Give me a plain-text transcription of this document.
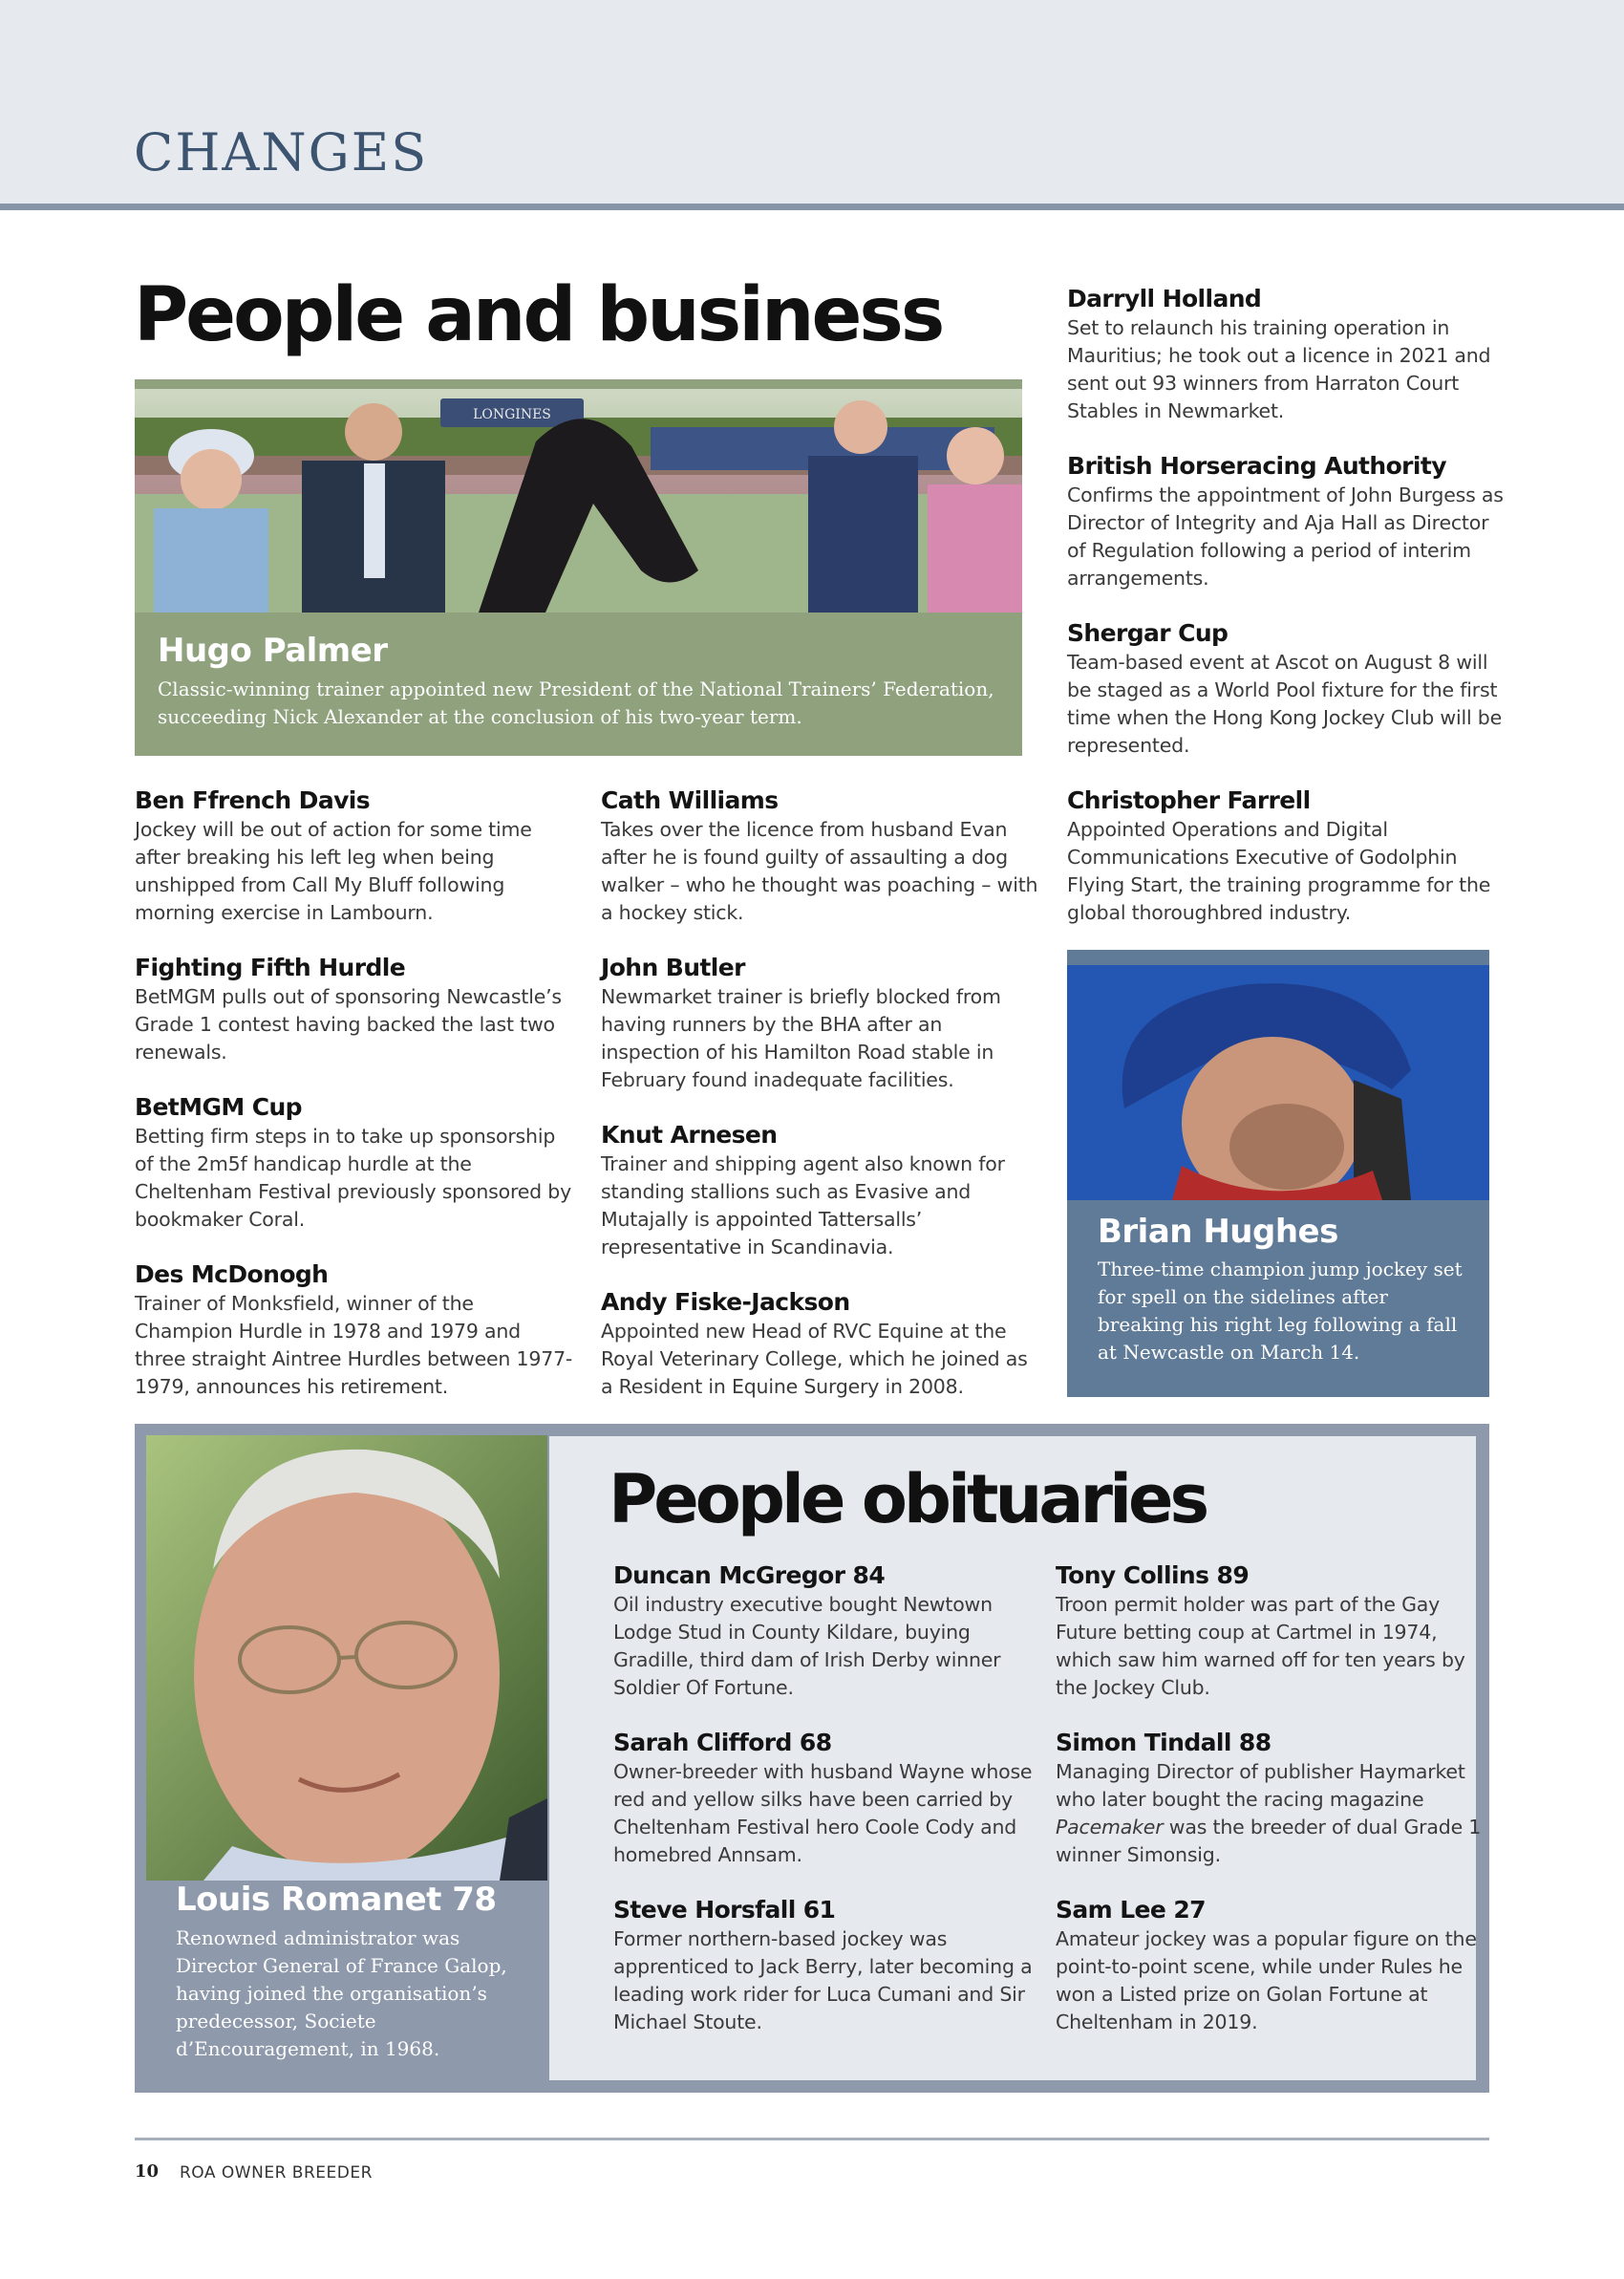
CHANGES
People and business
LONGINES
Hugo Palmer
Classic-winning trainer appointed new President of the National Trainers’ Federation, succeeding Nick Alexander at the conclusion of his two-year term.
Ben Ffrench Davis
Jockey will be out of action for some time after breaking his left leg when being unshipped from Call My Bluff following morning exercise in Lambourn.
Fighting Fifth Hurdle
BetMGM pulls out of sponsoring Newcastle’s Grade 1 contest having backed the last two renewals.
BetMGM Cup
Betting firm steps in to take up sponsorship of the 2m5f handicap hurdle at the Cheltenham Festival previously sponsored by bookmaker Coral.
Des McDonogh
Trainer of Monksfield, winner of the Champion Hurdle in 1978 and 1979 and three straight Aintree Hurdles between 1977-1979, announces his retirement.
Cath Williams
Takes over the licence from husband Evan after he is found guilty of assaulting a dog walker – who he thought was poaching – with a hockey stick.
John Butler
Newmarket trainer is briefly blocked from having runners by the BHA after an inspection of his Hamilton Road stable in February found inadequate facilities.
Knut Arnesen
Trainer and shipping agent also known for standing stallions such as Evasive and Mutajally is appointed Tattersalls’ representative in Scandinavia.
Andy Fiske-Jackson
Appointed new Head of RVC Equine at the Royal Veterinary College, which he joined as a Resident in Equine Surgery in 2008.
Darryll Holland
Set to relaunch his training operation in Mauritius; he took out a licence in 2021 and sent out 93 winners from Harraton Court Stables in Newmarket.
British Horseracing Authority
Confirms the appointment of John Burgess as Director of Integrity and Aja Hall as Director of Regulation following a period of interim arrangements.
Shergar Cup
Team-based event at Ascot on August 8 will be staged as a World Pool fixture for the first time when the Hong Kong Jockey Club will be represented.
Christopher Farrell
Appointed Operations and Digital Communications Executive of Godolphin Flying Start, the training programme for the global thoroughbred industry.
Brian Hughes
Three-time champion jump jockey set for spell on the sidelines after breaking his right leg following a fall at Newcastle on March 14.
Louis Romanet 78
Renowned administrator was Director General of France Galop, having joined the organisation’s predecessor, Societe d’Encouragement, in 1968.
People obituaries
Duncan McGregor 84
Oil industry executive bought Newtown Lodge Stud in County Kildare, buying Gradille, third dam of Irish Derby winner Soldier Of Fortune.
Sarah Clifford 68
Owner-breeder with husband Wayne whose red and yellow silks have been carried by Cheltenham Festival hero Coole Cody and homebred Annsam.
Steve Horsfall 61
Former northern-based jockey was apprenticed to Jack Berry, later becoming a leading work rider for Luca Cumani and Sir Michael Stoute.
Tony Collins 89
Troon permit holder was part of the Gay Future betting coup at Cartmel in 1974, which saw him warned off for ten years by the Jockey Club.
Simon Tindall 88
Managing Director of publisher Haymarket who later bought the racing magazine Pacemaker was the breeder of dual Grade 1 winner Simonsig.
Sam Lee 27
Amateur jockey was a popular figure on the point-to-point scene, while under Rules he won a Listed prize on Golan Fortune at Cheltenham in 2019.
10 ROA OWNER BREEDER
